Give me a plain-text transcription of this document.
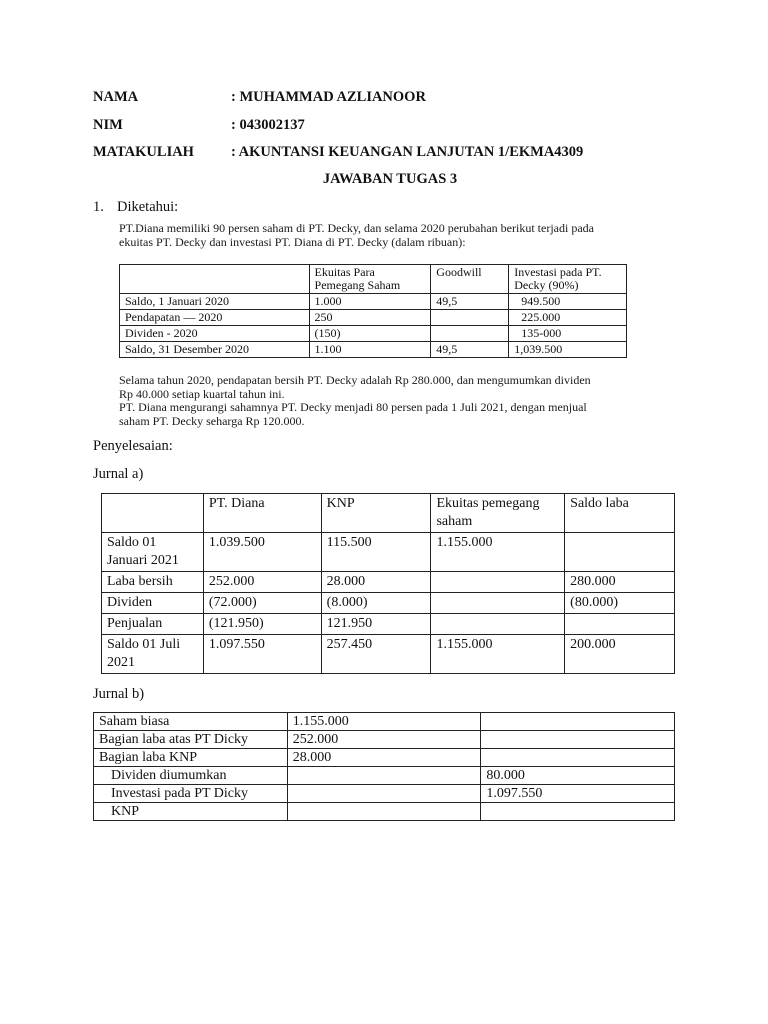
NAMA	: MUHAMMAD AZLIANOOR
NIM	: 043002137
MATAKULIAH	: AKUNTANSI KEUANGAN LANJUTAN 1/EKMA4309
JAWABAN TUGAS 3
1. Diketahui:

PT.Diana memiliki 90 persen saham di PT. Decky, dan selama 2020 perubahan berikut terjadi pada

ekuitas PT. Decky dan investasi PT. Diana di PT. Decky (dalam ribuan):

	Ekuitas Para Pemegang Saham	Goodwill	Investasi pada PT. Decky (90%)
Saldo, 1 Januari 2020	1.000	49,5	949.500
Pendapatan — 2020	250		225.000
Dividen - 2020	(150)		135-000
Saldo, 31 Desember 2020	1.100	49,5	1,039.500

Selama tahun 2020, pendapatan bersih PT. Decky adalah Rp 280.000, dan mengumumkan dividen

Rp 40.000 setiap kuartal tahun ini.

PT. Diana mengurangi sahamnya PT. Decky menjadi 80 persen pada 1 Juli 2021, dengan menjual

saham PT. Decky seharga Rp 120.000.

Penyelesaian:
Jurnal a)
	PT. Diana	KNP	Ekuitas pemegang saham	Saldo laba
Saldo 01 Januari 2021	1.039.500	115.500	1.155.000	
Laba bersih	252.000	28.000		280.000
Dividen	(72.000)	(8.000)		(80.000)
Penjualan	(121.950)	121.950		
Saldo 01 Juli 2021	1.097.550	257.450	1.155.000	200.000
Jurnal b)
Saham biasa	1.155.000	
Bagian laba atas PT Dicky	252.000	
Bagian laba KNP	28.000	
Dividen diumumkan		80.000
Investasi pada PT Dicky		1.097.550
KNP		
